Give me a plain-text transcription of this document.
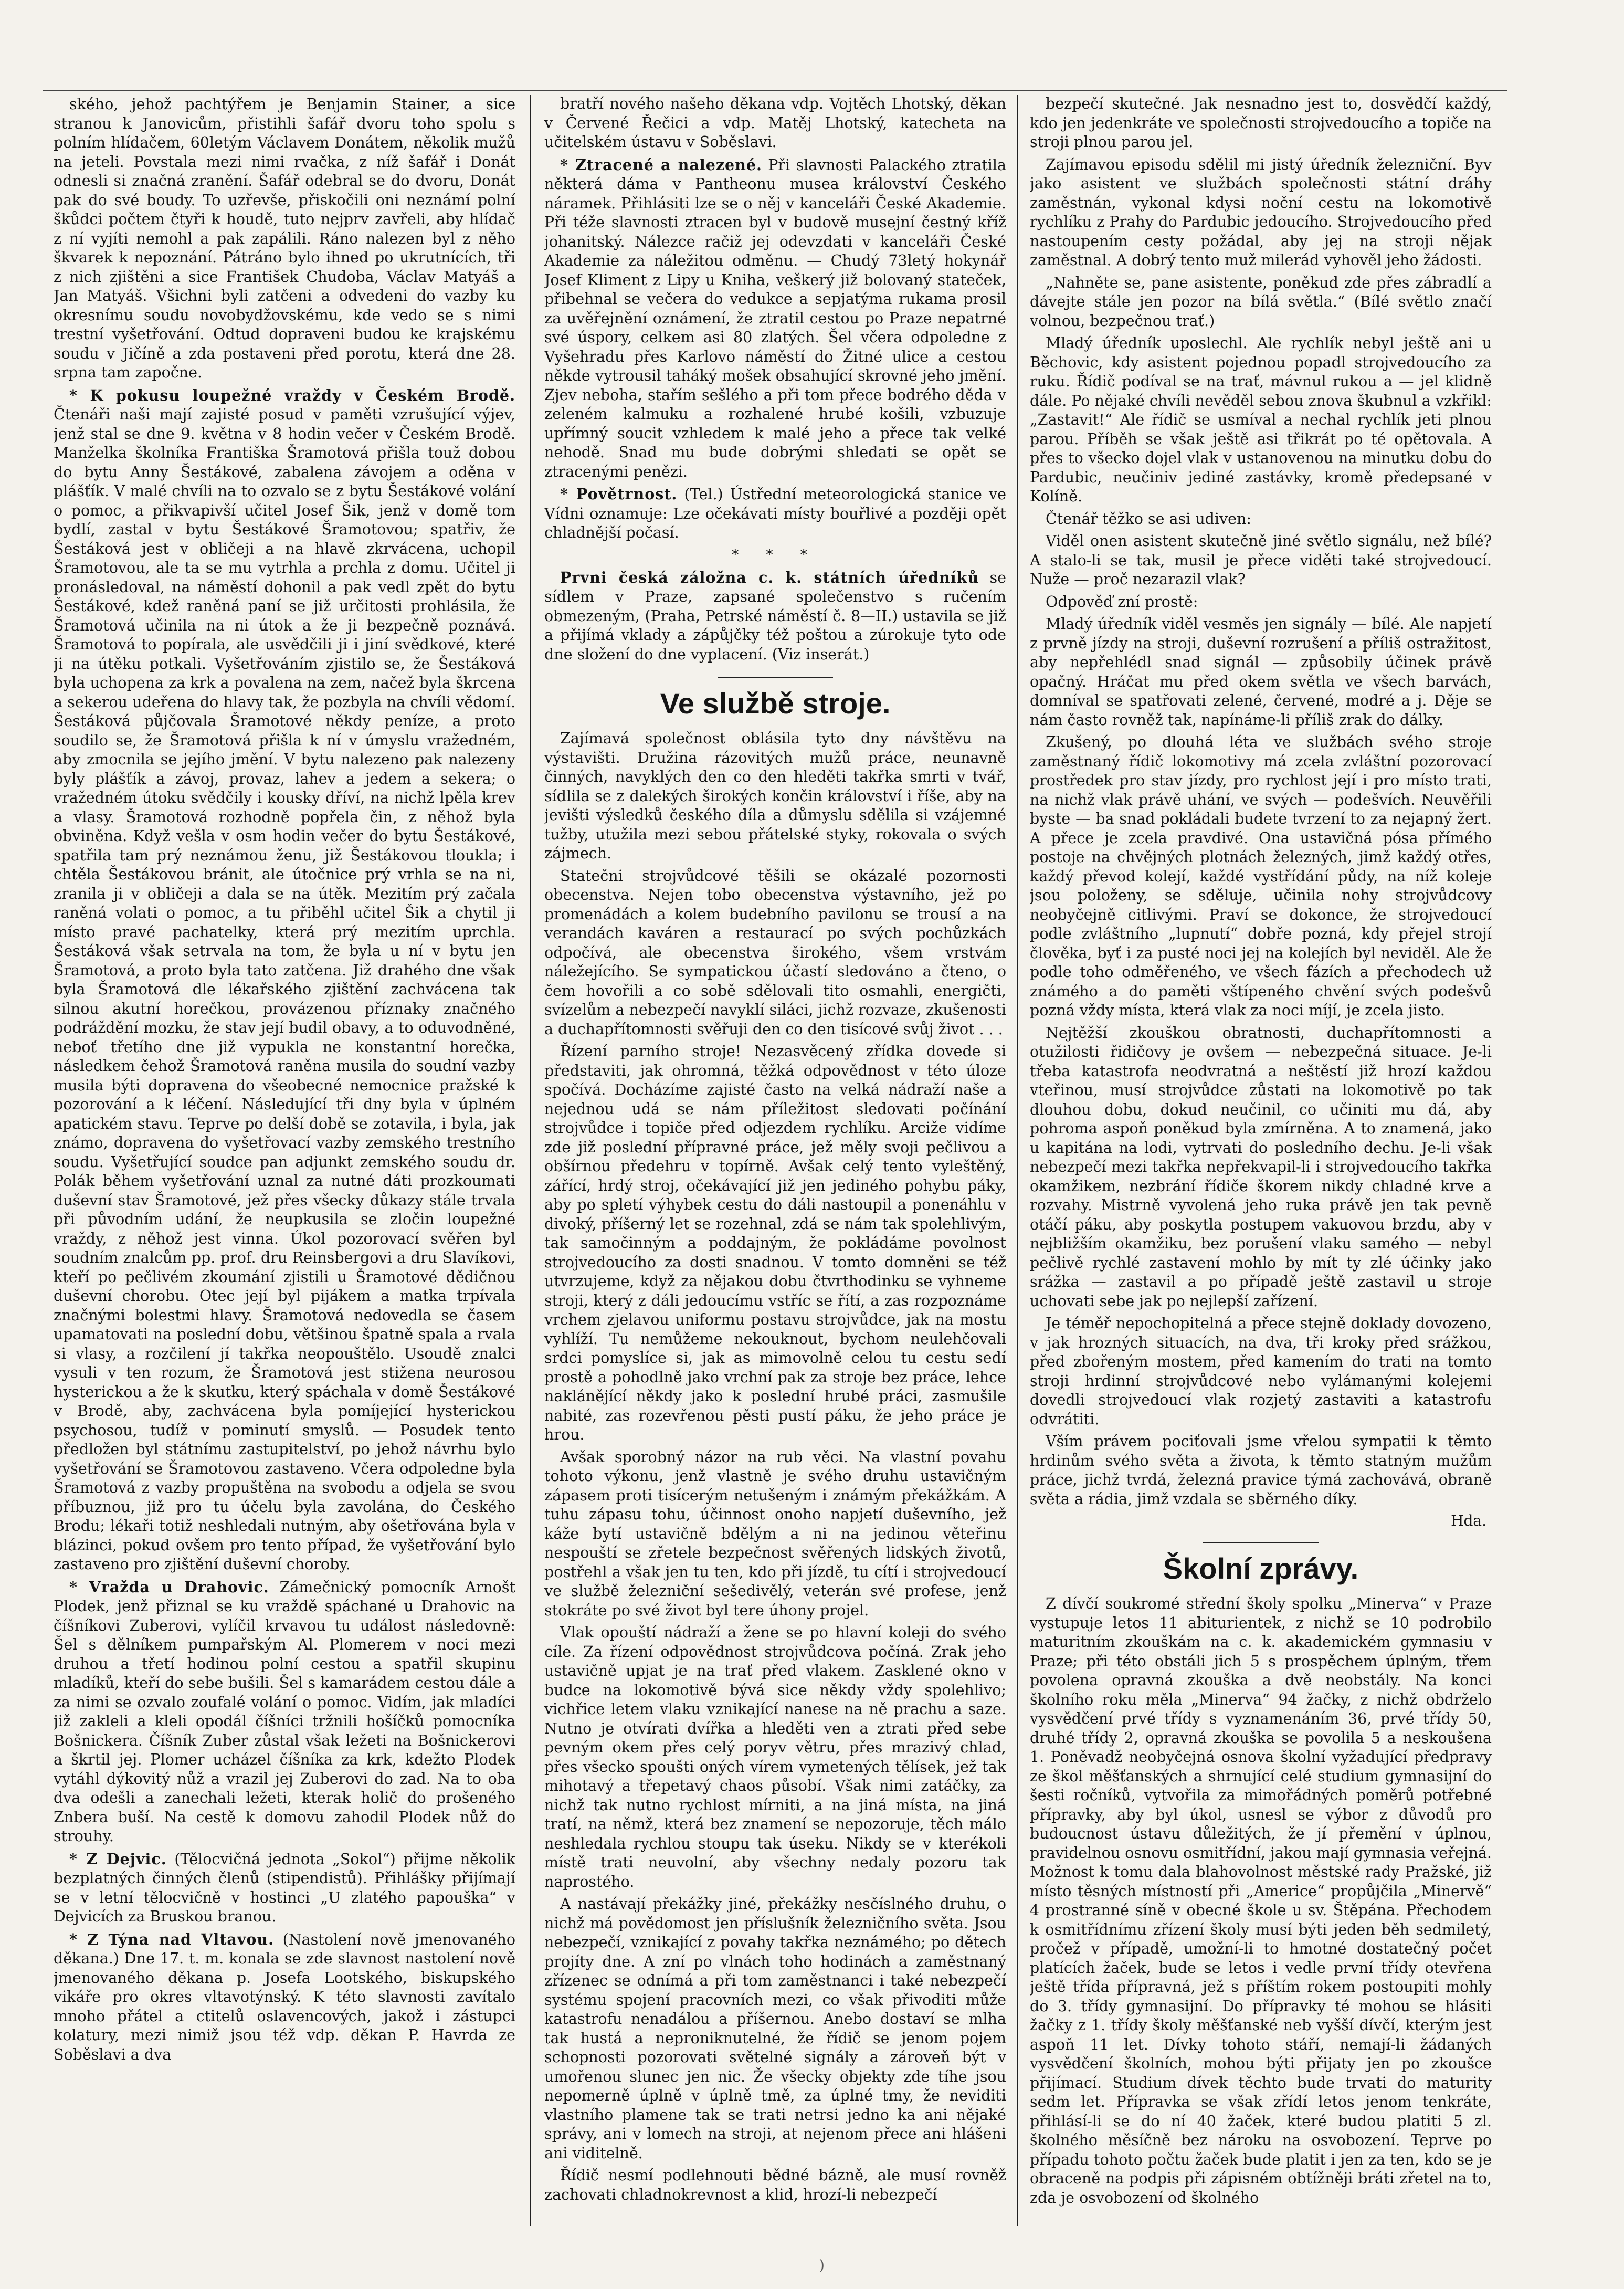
ského, jehož pachtýřem je Benjamin Stainer, a sice stranou k Janovicům, přistihli šafář dvoru toho spolu s polním hlídačem, 60letým Václavem Donátem, několik mužů na jeteli. Povstala mezi nimi rvačka, z níž šafář i Donát odnesli si značná zranění. Šafář odebral se do dvoru, Donát pak do své boudy. To uzřevše, přiskočili oni neznámí polní škůdci počtem čtyři k houdě, tuto nejprv zavřeli, aby hlídač z ní vyjíti nemohl a pak zapálili. Ráno nalezen byl z něho škvarek k nepoznání. Pátráno bylo ihned po ukrutnících, tři z nich zjištěni a sice František Chudoba, Václav Matyáš a Jan Matyáš. Všichni byli zatčeni a odvedeni do vazby ku okresnímu soudu novobydžovskému, kde vedo se s nimi trestní vyšetřování. Odtud dopraveni budou ke krajskému soudu v Jičíně a zda postaveni před porotu, která dne 28. srpna tam započne.

* K pokusu loupežné vraždy v Českém Brodě. Čtenáři naši mají zajisté posud v paměti vzrušující výjev, jenž stal se dne 9. května v 8 hodin večer v Českém Brodě. Manželka školníka Františka Šramotová přišla touž dobou do bytu Anny Šestákové, zabalena závojem a oděna v plášťík. V malé chvíli na to ozvalo se z bytu Šestákové volání o pomoc, a přikvapivší učitel Josef Šik, jenž v domě tom bydlí, zastal v bytu Šestákové Šramotovou; spatřiv, že Šestáková jest v obličeji a na hlavě zkrvácena, uchopil Šramotovou, ale ta se mu vytrhla a prchla z domu. Učitel ji pronásledoval, na náměstí dohonil a pak vedl zpět do bytu Šestákové, kdež raněná paní se již určitosti prohlásila, že Šramotová učinila na ni útok a že ji bezpečně poznává. Šramotová to popírala, ale usvědčili ji i jiní svědkové, které ji na útěku potkali. Vyšetřováním zjistilo se, že Šestáková byla uchopena za krk a povalena na zem, načež byla škrcena a sekerou udeřena do hlavy tak, že pozbyla na chvíli vědomí. Šestáková půjčovala Šramotové někdy peníze, a proto soudilo se, že Šramotová přišla k ní v úmyslu vražedném, aby zmocnila se jejího jmění. V bytu nalezeno pak nalezeny byly plášťík a závoj, provaz, lahev a jedem a sekera; o vražedném útoku svědčily i kousky dříví, na nichž lpěla krev a vlasy. Šramotová rozhodně popřela čin, z něhož byla obviněna. Když vešla v osm hodin večer do bytu Šestákové, spatřila tam prý neznámou ženu, již Šestákovou tloukla; i chtěla Šestákovou bránit, ale útočnice prý vrhla se na ni, zranila ji v obličeji a dala se na útěk. Mezitím prý začala raněná volati o pomoc, a tu přiběhl učitel Šik a chytil ji místo pravé pachatelky, která prý mezitím uprchla. Šestáková však setrvala na tom, že byla u ní v bytu jen Šramotová, a proto byla tato zatčena. Již drahého dne však byla Šramotová dle lékařského zjištění zachvácena tak silnou akutní horečkou, provázenou příznaky značného podráždění mozku, že stav její budil obavy, a to oduvodněné, neboť třetího dne již vypukla ne konstantní horečka, následkem čehož Šramotová raněna musila do soudní vazby musila býti dopravena do všeobecné nemocnice pražské k pozorování a k léčení. Následující tři dny byla v úplném apatickém stavu. Teprve po delší době se zotavila, i byla, jak známo, dopravena do vyšetřovací vazby zemského trestního soudu. Vyšetřující soudce pan adjunkt zemského soudu dr. Polák během vyšetřování uznal za nutné dáti prozkoumati duševní stav Šramotové, jež přes všecky důkazy stále trvala při původním udání, že neupkusila se zločin loupežné vraždy, z něhož jest vinna. Úkol pozorovací svěřen byl soudním znalcům pp. prof. dru Reinsbergovi a dru Slavíkovi, kteří po pečlivém zkoumání zjistili u Šramotové dědičnou duševní chorobu. Otec její byl pijákem a matka trpívala značnými bolestmi hlavy. Šramotová nedovedla se časem upamatovati na poslední dobu, většinou špatně spala a rvala si vlasy, a rozčilení jí takřka neopouštělo. Usoudě znalci vysuli v ten rozum, že Šramotová jest stižena neurosou hysterickou a že k skutku, který spáchala v domě Šestákové v Brodě, aby, zachvácena byla pomíjející hysterickou psychosou, tudíž v pominutí smyslů. — Posudek tento předložen byl státnímu zastupitelství, po jehož návrhu bylo vyšetřování se Šramotovou zastaveno. Včera odpoledne byla Šramotová z vazby propuštěna na svobodu a odjela se svou příbuznou, již pro tu účelu byla zavolána, do Českého Brodu; lékaři totiž neshledali nutným, aby ošetřována byla v blázinci, pokud ovšem pro tento případ, že vyšetřování bylo zastaveno pro zjištění duševní choroby.

* Vražda u Drahovic. Zámečnický pomocník Arnošt Plodek, jenž přiznal se ku vraždě spáchané u Drahovic na číšníkovi Zuberovi, vylíčil krvavou tu událost následovně: Šel s dělníkem pumpařským Al. Plomerem v noci mezi druhou a třetí hodinou polní cestou a spatřil skupinu mladíků, kteří do sebe bušili. Šel s kamarádem cestou dále a za nimi se ozvalo zoufalé volání o pomoc. Vidím, jak mladíci již zakleli a kleli opodál číšníci tržnili hošíčků pomocníka Bošnickera. Číšník Zuber zůstal však ležeti na Bošnickerovi a škrtil jej. Plomer ucházel číšníka za krk, kdežto Plodek vytáhl dýkovitý nůž a vrazil jej Zuberovi do zad. Na to oba dva odešli a zanechali ležeti, kterak holič do prošeného Znbera buší. Na cestě k domovu zahodil Plodek nůž do strouhy.

* Z Dejvic. (Tělocvičná jednota „Sokol“) přijme několik bezplatných činných členů (stipendistů). Přihlášky přijímají se v letní tělocvičně v hostinci „U zlatého papouška“ v Dejvicích za Bruskou branou.

* Z Týna nad Vltavou. (Nastolení nově jmenovaného děkana.) Dne 17. t. m. konala se zde slavnost nastolení nově jmenovaného děkana p. Josefa Lootského, biskupského vikáře pro okres vltavotýnský. K této slavnosti zavítalo mnoho přátel a ctitelů oslavencových, jakož i zástupci kolatury, mezi nimiž jsou též vdp. děkan P. Havrda ze Soběslavi a dva

bratří nového našeho děkana vdp. Vojtěch Lhotský, děkan v Červené Řečici a vdp. Matěj Lhotský, katecheta na učitelském ústavu v Soběslavi.

* Ztracené a nalezené. Při slavnosti Palackého ztratila některá dáma v Pantheonu musea království Českého náramek. Přihlásiti lze se o něj v kanceláři České Akademie. Při téže slavnosti ztracen byl v budově musejní čestný kříž johanitský. Nálezce račiž jej odevzdati v kanceláři České Akademie za náležitou odměnu. — Chudý 73letý hokynář Josef Kliment z Lipy u Kniha, veškerý již bolovaný statеček, přibehnal se večera do vedukce a sepjatýma rukama prosil za uvěřejnění oznámení, že ztratil cestou po Praze nepatrné své úspory, celkem asi 80 zlatých. Šel včera odpoledne z Vyšehradu přes Karlovo náměstí do Žitné ulice a cestou někde vytrousil taháký mošek obsahující skrovné jeho jmění. Zjev neboha, stařím sešlého a při tom přece bodrého děda v zeleném kalmuku a rozhalené hrubé košili, vzbuzuje upřímný soucit vzhledem k malé jeho a přece tak velké nehodě. Snad mu bude dobrými shledati se opět se ztracenými penězi.

* Povětrnost. (Tel.) Ústřední meteorologická stanice ve Vídni oznamuje: Lze očekávati místy bouřlivé a později opět chladnější počasí.

* * *

Prvni česká záložna c. k. státních úředníků se sídlem v Praze, zapsané společenstvo s ručením obmezeným, (Praha, Petrské náměstí č. 8—II.) ustavila se již a přijímá vklady a zápůjčky též poštou a zúrokuje tyto ode dne složení do dne vyplacení. (Viz inserát.)

Ve službě stroje.

Zajímavá společnost oblásila tyto dny návštěvu na výstavišti. Družina rázovitých mužů práce, neunavně činných, navyklých den co den hleděti takřka smrti v tvář, sídlila se z dalekých širokých končin království i říše, aby na jevišti výsledků českého díla a důmyslu sdělila si vzájemné tužby, utužila mezi sebou přátelské styky, rokovala o svých zájmech.

Statečni strojvůdcové těšili se okázalé pozornosti obecenstva. Nejen tobo obecenstva výstavního, jež po promenádách a kolem budebního pavilonu se trousí a na verandách kaváren a restaurací po svých pochůzkách odpočívá, ale obecenstva širokého, všem vrstvám náležejícího. Se sympatickou účastí sledováno a čteno, o čem hovořili a co sobě sdělovali tito osmahli, energičti, svízelům a nebezpečí navyklí siláci, jichž rozvaze, zkušenosti a duchapřítomnosti svěřuji den co den tisícové svůj život . . .

Řízení parního stroje! Nezasvěcený zřídka dovede si představiti, jak ohromná, těžká odpovědnost v této úloze spočívá. Docházíme zajisté často na velká nádraží naše a nejednou udá se nám příležitost sledovati počínání strojvůdce i topiče před odjezdem rychlíku. Arciže vidíme zde již poslední přípravné práce, jež měly svoji pečlivou a obšírnou předehru v topírně. Avšak celý tento vyleštěný, zářící, hrdý stroj, očekávající již jen jediného pohybu páky, aby po spletí výhybek cestu do dáli nastoupil a ponenáhlu v divoký, příšerný let se rozehnal, zdá se nám tak spolehlivým, tak samočinným a poddajným, že pokládáme povolnost strojvedoucího za dosti snadnou. V tomto domněni se též utvrzujeme, když za nějakou dobu čtvrthodinku se vyhneme stroji, který z dáli jedoucímu vstříc se řítí, a zas rozpoznáme vrchem zjelavou uniformu postavu strojvůdce, jak na mostu vyhlíží. Tu nemůžeme nekouknout, bychom neulehčovali srdci pomyslíce si, jak as mimovolně celou tu cestu sedí prostě a pohodlně jako vrchní pak za stroje bez práce, lehce naklánějící někdy jako k poslední hrubé práci, zasmušile nabité, zas rozevřenou pěsti pustí páku, že jeho práce je hrou.

Avšak sporobný názor na rub věci. Na vlastní povahu tohoto výkonu, jenž vlastně je svého druhu ustavičným zápasem proti tisícerým netušeným i známým překážkám. A tuhu zápasu tohu, účinnost onoho napjetí duševního, jež káže bytí ustavičně bdělým a ni na jedinou věteřinu nespouští se zřetele bezpečnost svěřených lidských životů, postřehl a však jen tu ten, kdo při jízdě, tu cítí i strojvedoucí ve službě železniční sešedivělý, veterán své profese, jenž stokráte po své život byl tere úhony projel.

Vlak opouští nádraží a žene se po hlavní koleji do svého cíle. Za řízení odpovědnost strojvůdcova počíná. Zrak jeho ustavičně upjat je na trať před vlakem. Zasklené okno v budce na lokomotivě bývá sice někdy vždy spolehlivo; vichřice letem vlaku vznikající nanese na ně prachu a saze. Nutno je otvírati dvířka a hleděti ven a ztrati před sebe pevným okem přes celý poryv větru, přes mrazivý chlad, přes všecko spoušti oných vírem vymetených tělísek, jež tak mihotavý a třepetavý chaos působí. Však nimi zatáčky, za nichž tak nutno rychlost mírniti, a na jiná místa, na jiná tratí, na němž, která bez znamení se nepozoruje, těch málo neshledala rychlou stoupu tak úseku. Nikdy se v kterékoli místě trati neuvolní, aby všechny nedaly pozoru tak naprostého.

A nastávají překážky jiné, překážky nesčíslného druhu, o nichž má povědomost jen příslušník železničního světa. Jsou nebezpečí, vznikající z povahy takřka neznámého; po dětech projíty dne. A zní po vlnách toho hodinách a zaměstnaný zřízenec se odnímá a při tom zaměstnanci i také nebezpečí systému spojení pracovních mezi, co však přivoditi může katastrofu nenadálou a příšernou. Anebo dostaví se mlha tak hustá a neproniknutelné, že řídič se jenom pojem schopnosti pozorovati světelné signály a zároveň být v umořenou slunec jen nic. Že všecky objekty zde tíhe jsou nepomerně úplně v úplně tmě, za úplné tmy, že neviditi vlastního plamene tak se trati netrsi jedno ka ani nějaké správy, ani v lomech na stroji, at nejenom přece ani hlášeni ani viditelně.

Řídič nesmí podlehnouti bědné bázně, ale musí rovněž zachovati chladnokrevnost a klid, hrozí-li nebezpečí

bezpečí skutečné. Jak nesnadno jest to, dosvědčí každý, kdo jen jedenkráte ve společnosti strojvedoucího a topiče na stroji plnou parou jel.

Zajímavou episodu sdělil mi jistý úředník železniční. Byv jako asistent ve službách společnosti státní dráhy zaměstnán, vykonal kdysi noční cestu na lokomotivě rychlíku z Prahy do Pardubic jedoucího. Strojvedoucího před nastoupením cesty požádal, aby jej na stroji nějak zaměstnal. A dobrý tento muž milerád vyhověl jeho žádosti.

„Nahněte se, pane asistente, poněkud zde přes zábradlí a dávejte stále jen pozor na bílá světla.“ (Bílé světlo značí volnou, bezpečnou trať.)

Mladý úředník uposlechl. Ale rychlík nebyl ještě ani u Běchovic, kdy asistent pojednou popadl strojvedoucího za ruku. Řídič podíval se na trať, mávnul rukou a — jel klidně dále. Po nějaké chvíli nevěděl sebou znova škubnul a vzkřikl: „Zastavit!“ Ale řídič se usmíval a nechal rychlík jeti plnou parou. Příběh se však ještě asi třikrát po té opětovala. A přes to všecko dojel vlak v ustanovenou na minutku dobu do Pardubic, neučiniv jediné zastávky, kromě předepsané v Kolíně.

Čtenář těžko se asi udiven:

Viděl onen asistent skutečně jiné světlo signálu, než bílé? A stalo-li se tak, musil je přece viděti také strojvedoucí. Nuže — proč nezarazil vlak?

Odpověď zní prostě:

Mladý úředník viděl vesměs jen signály — bílé. Ale napjetí z prvně jízdy na stroji, duševní rozrušení a příliš ostražitost, aby nepřehlédl snad signál — způsobily účinek právě opačný. Hráčat mu před okem světla ve všech barvách, domníval se spatřovati zelené, červené, modré a j. Děje se nám často rovněž tak, napínáme-li příliš zrak do dálky.

Zkušený, po dlouhá léta ve službách svého stroje zaměstnaný řídič lokomotivy má zcela zvláštní pozorovací prostředek pro stav jízdy, pro rychlost její i pro místo trati, na nichž vlak právě uhání, ve svých — podešvích. Neuvěřili byste — ba snad pokládali budete tvrzení to za nejapný žert. A přece je zcela pravdivé. Ona ustavičná pósa přímého postoje na chvějných plotnách železných, jimž každý otřes, každý převod kolejí, každé vystřídání půdy, na níž koleje jsou položeny, se sděluje, učinila nohy strojvůdcovy neobyčejně citlivými. Praví se dokonce, že strojvedoucí podle zvláštního „lupnutí“ dobře pozná, kdy přejel strojí člověka, byť i za pusté noci jej na kolejích byl neviděl. Ale že podle toho odměřeného, ve všech fázích a přechodech už známého a do paměti vštípeného chvění svých podešvů pozná vždy místa, která vlak za noci míjí, je zcela jisto.

Nejtěžší zkouškou obratnosti, duchapřítomnosti a otužilosti řidičovy je ovšem — nebezpečná situace. Je-li třeba katastrofa neodvratná a neštěstí již hrozí každou vteřinou, musí strojvůdce zůstati na lokomotivě po tak dlouhou dobu, dokud neučinil, co učiniti mu dá, aby pohroma aspoň poněkud byla zmírněna. A to znamená, jako u kapitána na lodi, vytrvati do posledního dechu. Je-li však nebezpečí mezi takřka nepřekvapil-li i strojvedoucího takřka okamžikem, nezbrání řídiče škorem nikdy chladné krve a rozvahy. Mistrně vyvolená jeho ruka právě jen tak pevně otáčí páku, aby poskytla postupem vakuovou brzdu, aby v nejbližším okamžiku, bez porušení vlaku samého — nebyl pečlivě rychlé zastavení mohlo by mít ty zlé účinky jako srážka — zastavil a po případě ještě zastavil u stroje uchovati sebe jak po nejlepší zařízení.

Je téměř nepochopitelná a přece stejně doklady dovozeno, v jak hrozných situacích, na dva, tři kroky před srážkou, před zbořeným mostem, před kamením do trati na tomto stroji hrdinní strojvůdcové nebo vylámanými kolejemi dovedli strojvedoucí vlak rozjetý zastaviti a katastrofu odvrátiti.

Vším právem pociťovali jsme vřelou sympatii k těmto hrdinům svého světa a života, k těmto statným mužům práce, jichž tvrdá, železná pravice týmá zachovává, obraně světa a rádia, jimž vzdala se sběrného díky.

Hda.
Školní zprávy.

Z dívčí soukromé střední školy spolku „Minerva“ v Praze vystupuje letos 11 abiturientek, z nichž se 10 podrobilo maturitním zkouškám na c. k. akademickém gymnasiu v Praze; při této obstáli jich 5 s prospěchem úplným, třem povolena opravná zkouška a dvě neobstály. Na konci školního roku měla „Minerva“ 94 žačky, z nichž obdrželo vysvědčení prvé třídy s vyznamenáním 36, prvé třídy 50, druhé třídy 2, opravná zkouška se povolila 5 a neskoušena 1. Poněvadž neobyčejná osnova školní vyžadující předpravy ze škol měšťanských a shrnující celé studium gymnasijní do šesti ročníků, vytvořila za mimořádných poměrů potřebné přípravky, aby byl úkol, usnesl se výbor z důvodů pro budoucnost ústavu důležitých, že jí přemění v úplnou, pravidelnou osnovu osmitřídní, jakou mají gymnasia veřejná. Možnost k tomu dala blahovolnost městské rady Pražské, již místo těsných místností při „Americe“ propůjčila „Minervě“ 4 prostranné síně v obecné škole u sv. Štěpána. Přechodem k osmitřídnímu zřízení školy musí býti jeden běh sedmiletý, pročež v případě, umožní-li to hmotné dostatečný počet platících žaček, bude se letos i vedle první třídy otevřena ještě třída přípravná, jež s příštím rokem postoupiti mohly do 3. třídy gymnasijní. Do přípravky té mohou se hlásiti žačky z 1. třídy školy měšťanské neb vyšší dívčí, kterým jest aspoň 11 let. Dívky tohoto stáří, nemají-li žádaných vysvědčení školních, mohou býti přijaty jen po zkoušce přijímací. Studium dívek těchto bude trvati do maturity sedm let. Přípravka se však zřídí letos jenom tenkráte, přihlásí-li se do ní 40 žaček, které budou platiti 5 zl. školného měsíčně bez nároku na osvobození. Teprve po případu tohoto počtu žaček bude platit i jen za ten, kdo se je obraceně na podpis při zápisném obtížněji bráti zřetel na to, zda je osvobození od školného

)
